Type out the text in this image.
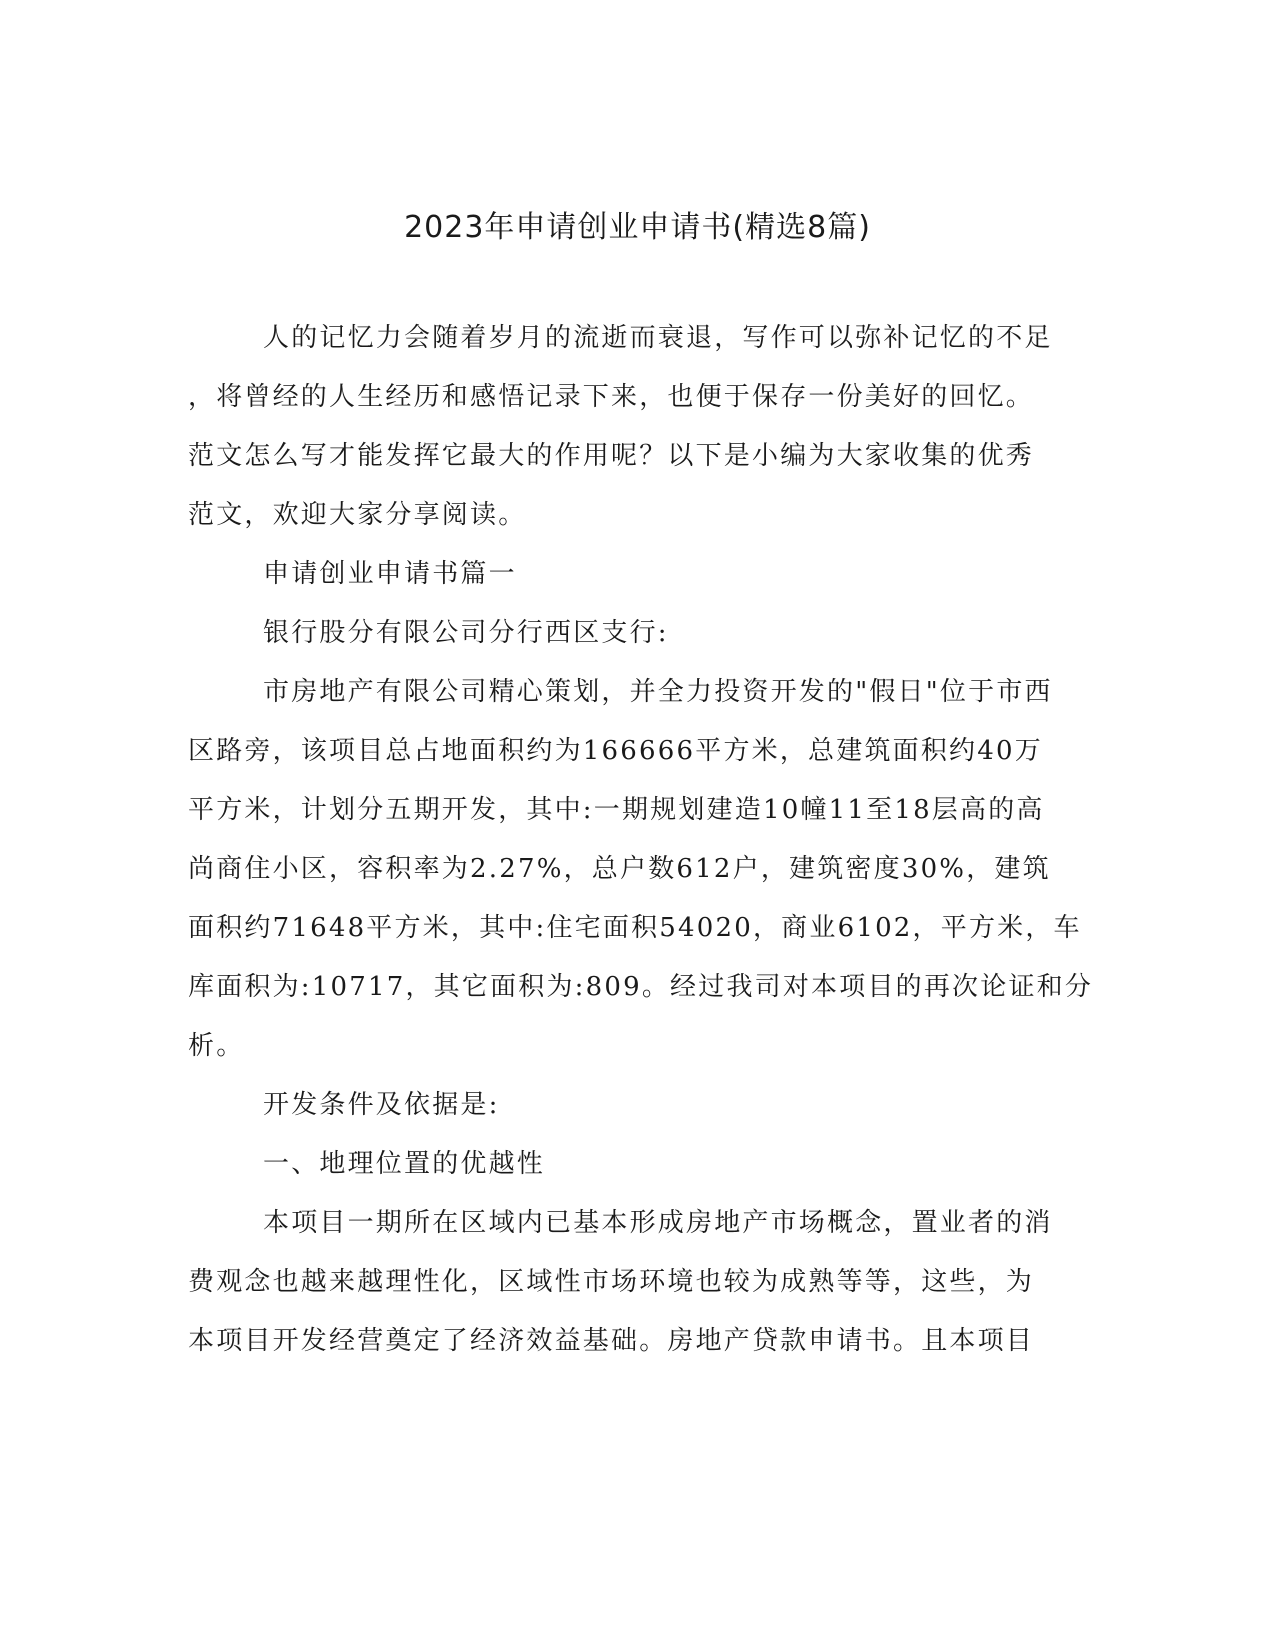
2023年申请创业申请书(精选8篇)
人的记忆力会随着岁月的流逝而衰退，写作可以弥补记忆的不足
，将曾经的人生经历和感悟记录下来，也便于保存一份美好的回忆。
范文怎么写才能发挥它最大的作用呢？以下是小编为大家收集的优秀
范文，欢迎大家分享阅读。
申请创业申请书篇一
银行股分有限公司分行西区支行:
市房地产有限公司精心策划，并全力投资开发的"假日"位于市西
区路旁，该项目总占地面积约为166666平方米，总建筑面积约40万
平方米，计划分五期开发，其中:一期规划建造10幢11至18层高的高
尚商住小区，容积率为2.27%，总户数612户，建筑密度30%，建筑
面积约71648平方米，其中:住宅面积54020，商业6102，平方米，车
库面积为:10717，其它面积为:809。经过我司对本项目的再次论证和分
析。
开发条件及依据是:
一、地理位置的优越性
本项目一期所在区域内已基本形成房地产市场概念，置业者的消
费观念也越来越理性化，区域性市场环境也较为成熟等等，这些，为
本项目开发经营奠定了经济效益基础。房地产贷款申请书。且本项目
